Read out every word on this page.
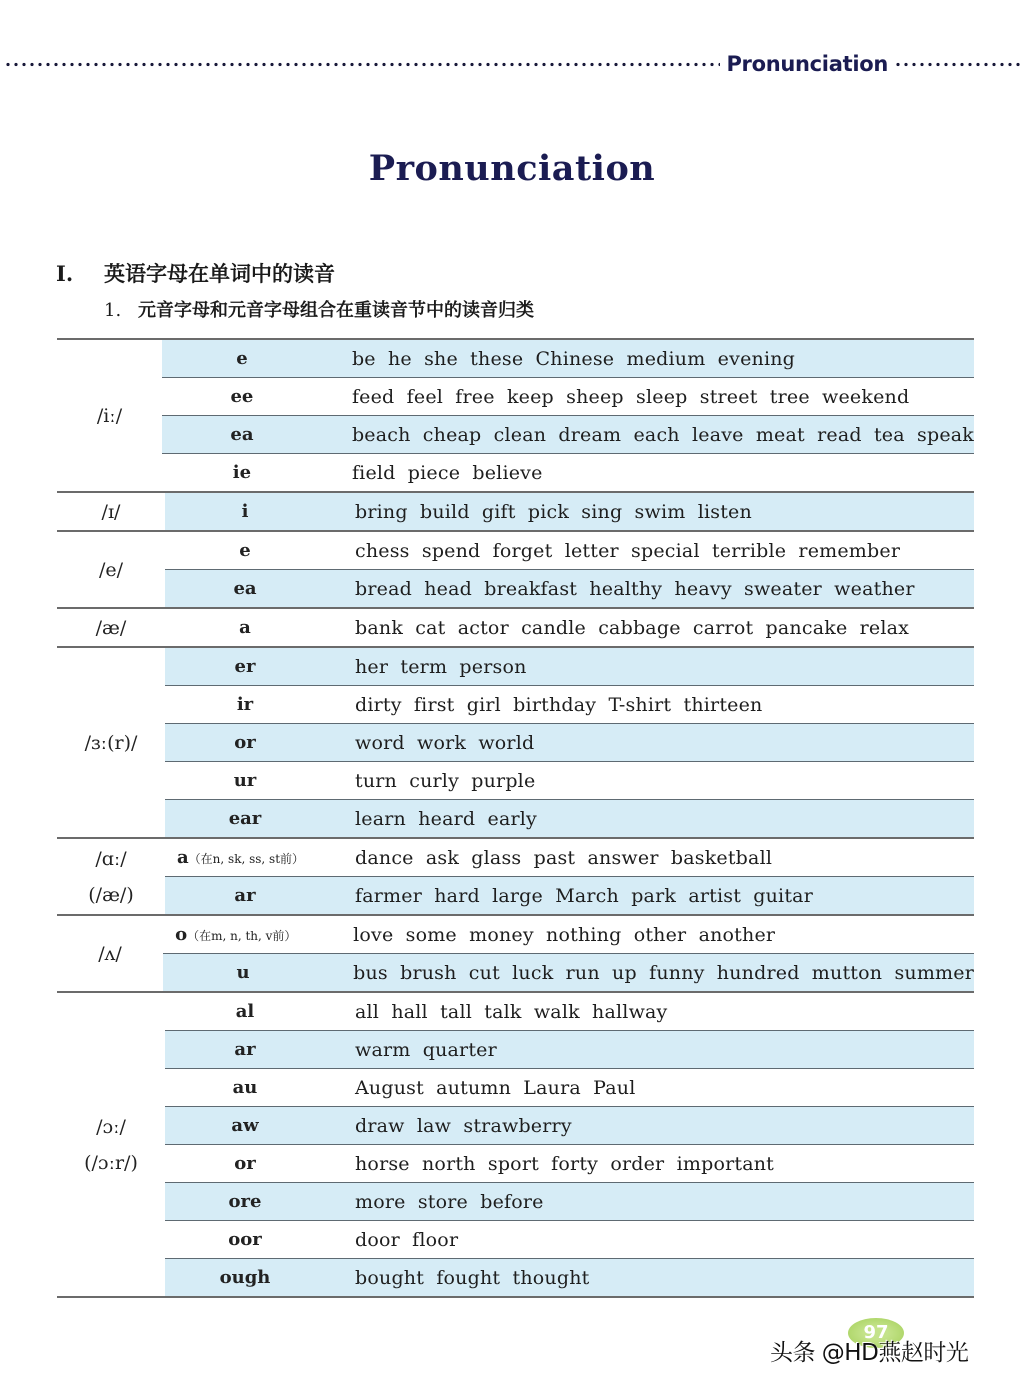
Pronunciation
Pronunciation
I.	英语字母在单词中的读音
1. 元音字母和元音字母组合在重读音节中的读音归类
/iː/
e	be he she these Chinese medium evening
ee	feed feel free keep sheep sleep street tree weekend
ea	beach cheap clean dream each leave meat read tea speak
ie	field piece believe
/ɪ/	i	bring build gift pick sing swim listen
/e/
e	chess spend forget letter special terrible remember
ea	bread head breakfast healthy heavy sweater weather
/æ/	a	bank cat actor candle cabbage carrot pancake relax
/ɜː(r)/
er	her term person
ir	dirty first girl birthday T-shirt thirteen
or	word work world
ur	turn curly purple
ear	learn heard early
/ɑː/
(/æ/)
a（在n, sk, ss, st前）	dance ask glass past answer basketball
ar	farmer hard large March park artist guitar
/ʌ/
o（在m, n, th, v前）	love some money nothing other another
u	bus brush cut luck run up funny hundred mutton summer
/ɔː/
(/ɔːr/)
al	all hall tall talk walk hallway
ar	warm quarter
au	August autumn Laura Paul
aw	draw law strawberry
or	horse north sport forty order important
ore	more store before
oor	door floor
ough	bought fought thought
97
头条 @HD燕赵时光
